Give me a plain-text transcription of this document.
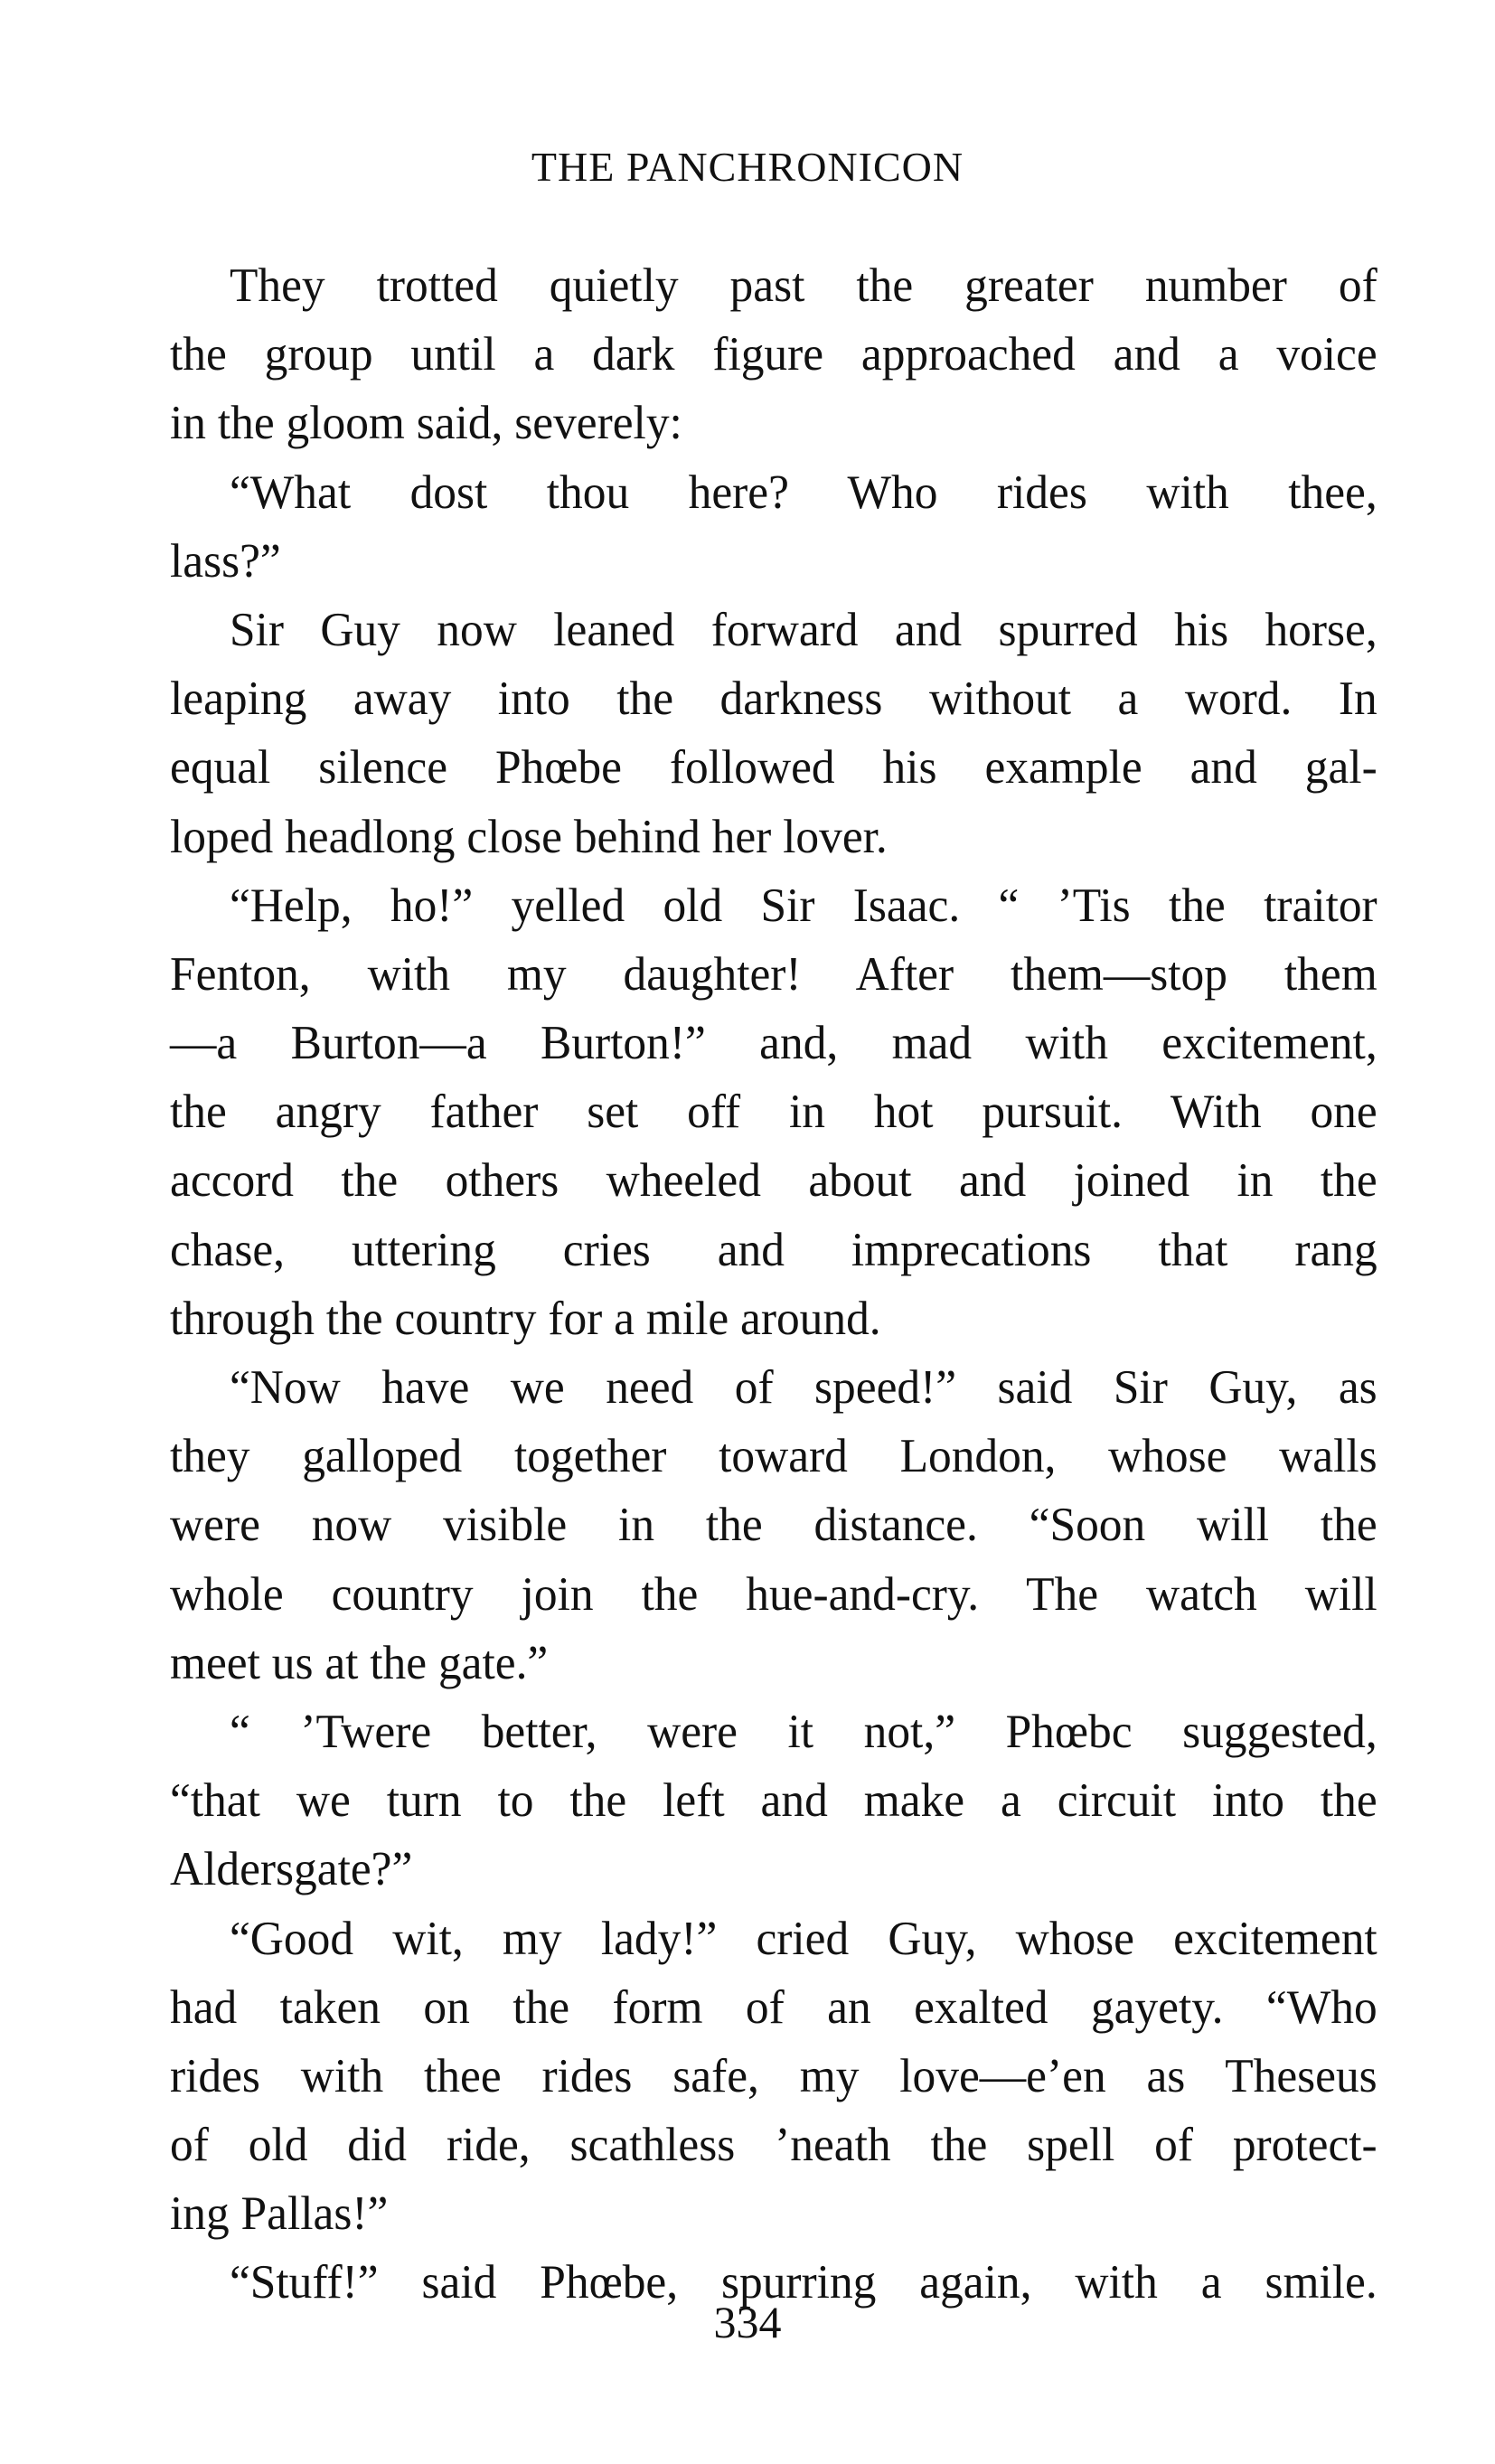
THE PANCHRONICON
They trotted quietly past the greater number of
the group until a dark figure approached and a voice
in the gloom said, severely:
“What dost thou here? Who rides with thee,
lass?”
Sir Guy now leaned forward and spurred his horse,
leaping away into the darkness without a word. In
equal silence Phœbe followed his example and gal-
loped headlong close behind her lover.
“Help, ho!” yelled old Sir Isaac. “ ’Tis the traitor
Fenton, with my daughter! After them—stop them
—a Burton—a Burton!” and, mad with excitement,
the angry father set off in hot pursuit. With one
accord the others wheeled about and joined in the
chase, uttering cries and imprecations that rang
through the country for a mile around.
“Now have we need of speed!” said Sir Guy, as
they galloped together toward London, whose walls
were now visible in the distance. “Soon will the
whole country join the hue-and-cry. The watch will
meet us at the gate.”
“ ’Twere better, were it not,” Phœbc suggested,
“that we turn to the left and make a circuit into the
Aldersgate?”
“Good wit, my lady!” cried Guy, whose excitement
had taken on the form of an exalted gayety. “Who
rides with thee rides safe, my love—e’en as Theseus
of old did ride, scathless ’neath the spell of protect-
ing Pallas!”
“Stuff!” said Phœbe, spurring again, with a smile.
334
